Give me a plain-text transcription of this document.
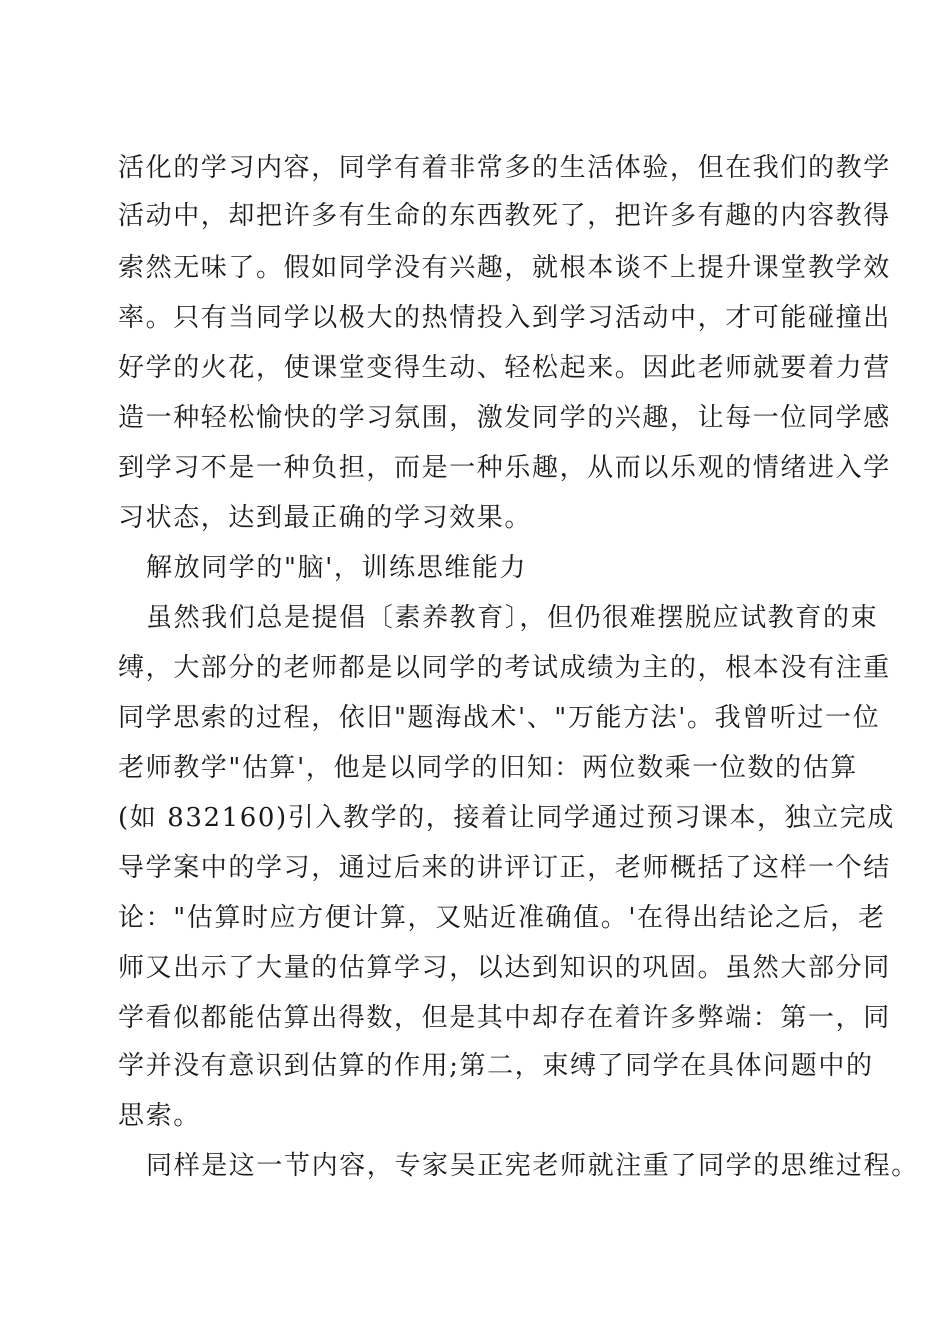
活化的学习内容，同学有着非常多的生活体验，但在我们的教学
活动中，却把许多有生命的东西教死了，把许多有趣的内容教得
索然无味了。假如同学没有兴趣，就根本谈不上提升课堂教学效
率。只有当同学以极大的热情投入到学习活动中，才可能碰撞出
好学的火花，使课堂变得生动、轻松起来。因此老师就要着力营
造一种轻松愉快的学习氛围，激发同学的兴趣，让每一位同学感
到学习不是一种负担，而是一种乐趣，从而以乐观的情绪进入学
习状态，达到最正确的学习效果。
解放同学的"脑'，训练思维能力
虽然我们总是提倡〔素养教育〕，但仍很难摆脱应试教育的束
缚，大部分的老师都是以同学的考试成绩为主的，根本没有注重
同学思索的过程，依旧"题海战术'、"万能方法'。我曾听过一位
老师教学"估算'，他是以同学的旧知：两位数乘一位数的估算
(如 832160)引入教学的，接着让同学通过预习课本，独立完成
导学案中的学习，通过后来的讲评订正，老师概括了这样一个结
论："估算时应方便计算，又贴近准确值。'在得出结论之后，老
师又出示了大量的估算学习，以达到知识的巩固。虽然大部分同
学看似都能估算出得数，但是其中却存在着许多弊端：第一，同
学并没有意识到估算的作用;第二，束缚了同学在具体问题中的
思索。
同样是这一节内容，专家吴正宪老师就注重了同学的思维过程。
